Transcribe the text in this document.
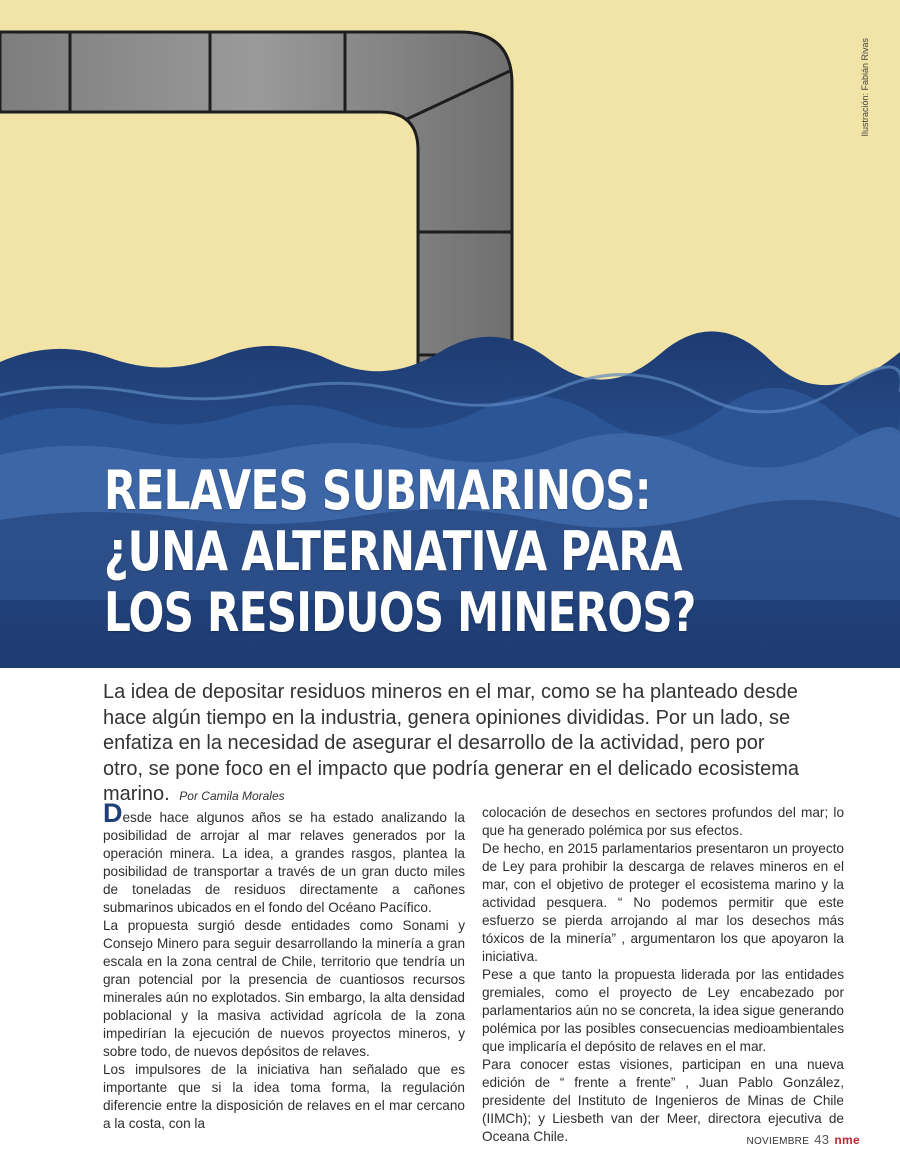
Ilustración: Fabián Rivas
RELAVES SUBMARINOS:
¿UNA ALTERNATIVA PARA
LOS RESIDUOS MINEROS?

La idea de depositar residuos mineros en el mar, como se ha planteado desde hace algún tiempo en la industria, genera opiniones divididas. Por un lado, se enfatiza en la necesidad de asegurar el desarrollo de la actividad, pero por otro, se pone foco en el impacto que podría generar en el delicado ecosistema marino. Por Camila Morales

Desde hace algunos años se ha estado analizando la posibilidad de arrojar al mar relaves generados por la operación minera. La idea, a grandes rasgos, plantea la posibilidad de transportar a través de un gran ducto miles de toneladas de residuos directamente a cañones submarinos ubicados en el fondo del Océano Pacífico.

La propuesta surgió desde entidades como Sonami y Consejo Minero para seguir desarrollando la minería a gran escala en la zona central de Chile, territorio que tendría un gran potencial por la presencia de cuantiosos recursos minerales aún no explotados. Sin embargo, la alta densidad poblacional y la masiva actividad agrícola de la zona impedirían la ejecución de nuevos proyectos mineros, y sobre todo, de nuevos depósitos de relaves.

Los impulsores de la iniciativa han señalado que es importante que si la idea toma forma, la regulación diferencie entre la disposición de relaves en el mar cercano a la costa, con la

colocación de desechos en sectores profundos del mar; lo que ha generado polémica por sus efectos.

De hecho, en 2015 parlamentarios presentaron un proyecto de Ley para prohibir la descarga de relaves mineros en el mar, con el objetivo de proteger el ecosistema marino y la actividad pesquera. “ No podemos permitir que este esfuerzo se pierda arrojando al mar los desechos más tóxicos de la minería” , argumentaron los que apoyaron la iniciativa.

Pese a que tanto la propuesta liderada por las entidades gremiales, como el proyecto de Ley encabezado por parlamentarios aún no se concreta, la idea sigue generando polémica por las posibles consecuencias medioambientales que implicaría el depósito de relaves en el mar.

Para conocer estas visiones, participan en una nueva edición de “ frente a frente” , Juan Pablo González, presidente del Instituto de Ingenieros de Minas de Chile (IIMCh); y Liesbeth van der Meer, directora ejecutiva de Oceana Chile.	NOVIEMBRE 43 nme
